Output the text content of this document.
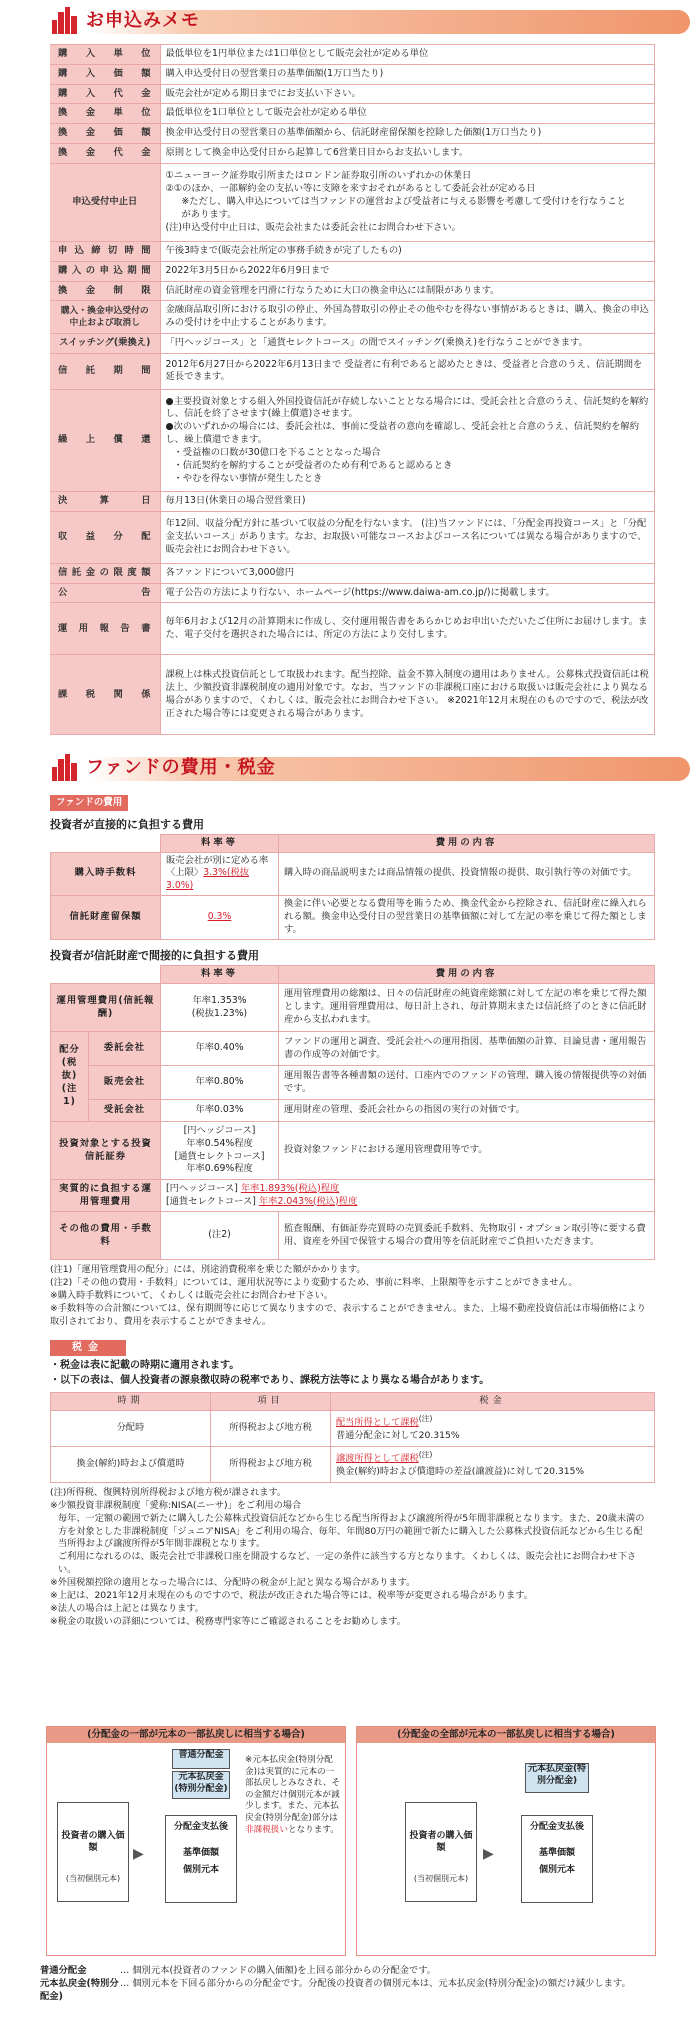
お申込みメモ
購入単位	最低単位を1円単位または1口単位として販売会社が定める単位
購入価額	購入申込受付日の翌営業日の基準価額(1万口当たり)
購入代金	販売会社が定める期日までにお支払い下さい。
換金単位	最低単位を1口単位として販売会社が定める単位
換金価額	換金申込受付日の翌営業日の基準価額から、信託財産留保額を控除した価額(1万口当たり)
換金代金	原則として換金申込受付日から起算して6営業日目からお支払いします。
申込受付中止日	①ニューヨーク証券取引所またはロンドン証券取引所のいずれかの休業日
②①のほか、一部解約金の支払い等に支障を来すおそれがあるとして委託会社が定める日
※ただし、購入申込については当ファンドの運営および受益者に与える影響を考慮して受付けを行なうことがあります。
(注)申込受付中止日は、販売会社または委託会社にお問合わせ下さい。

申込締切時間	午後3時まで(販売会社所定の事務手続きが完了したもの)
購入の申込期間	2022年3月5日から2022年6月9日まで
換金制限	信託財産の資金管理を円滑に行なうために大口の換金申込には制限があります。
購入・換金申込受付の中止および取消し	金融商品取引所における取引の停止、外国為替取引の停止その他やむを得ない事情があるときは、購入、換金の申込みの受付けを中止することがあります。
スイッチング(乗換え)	「円ヘッジコース」と「通貨セレクトコース」の間でスイッチング(乗換え)を行なうことができます。
信託期間	2012年6月27日から2022年6月13日まで 受益者に有利であると認めたときは、受益者と合意のうえ、信託期間を延長できます。
繰上償還	●主要投資対象とする組入外国投資信託が存続しないこととなる場合には、受託会社と合意のうえ、信託契約を解約し、信託を終了させます(繰上償還)させます。
●次のいずれかの場合には、委託会社は、事前に受益者の意向を確認し、受託会社と合意のうえ、信託契約を解約し、繰上償還できます。
・受益権の口数が30億口を下ることとなった場合
・信託契約を解約することが受益者のため有利であると認めるとき
・やむを得ない事情が発生したとき

決算日	毎月13日(休業日の場合翌営業日)
収益分配	年12回、収益分配方針に基づいて収益の分配を行ないます。 (注)当ファンドには、「分配金再投資コース」と「分配金支払いコース」があります。なお、お取扱い可能なコースおよびコース名については異なる場合がありますので、販売会社にお問合わせ下さい。
信託金の限度額	各ファンドについて3,000億円
公告	電子公告の方法により行ない、ホームページ(https://www.daiwa-am.co.jp/)に掲載します。
運用報告書	毎年6月および12月の計算期末に作成し、交付運用報告書をあらかじめお申出いただいたご住所にお届けします。また、電子交付を選択された場合には、所定の方法により交付します。
課税関係	課税上は株式投資信託として取扱われます。配当控除、益金不算入制度の適用はありません。公募株式投資信託は税法上、少額投資非課税制度の適用対象です。なお、当ファンドの非課税口座における取扱いは販売会社により異なる場合がありますので、くわしくは、販売会社にお問合わせ下さい。 ※2021年12月末現在のものですので、税法が改正された場合等には変更される場合があります。
ファンドの費用・税金
ファンドの費用
投資者が直接的に負担する費用
	料率等	費用の内容
購入時手数料	販売会社が別に定める率
〈上限〉3.3%(税抜3.0%)	購入時の商品説明または商品情報の提供、投資情報の提供、取引執行等の対価です。
信託財産留保額	0.3%	換金に伴い必要となる費用等を賄うため、換金代金から控除され、信託財産に繰入れられる額。換金申込受付日の翌営業日の基準価額に対して左記の率を乗じて得た額とします。
投資者が信託財産で間接的に負担する費用
		料率等	費用の内容
運用管理費用(信託報酬)		年率1.353%
(税抜1.23%)	運用管理費用の総額は、日々の信託財産の純資産総額に対して左記の率を乗じて得た額とします。運用管理費用は、毎日計上され、毎計算期末または信託終了のときに信託財産から支払われます。
配分(税抜)(注1)	委託会社	年率0.40%	ファンドの運用と調査、受託会社への運用指図、基準価額の計算、目論見書・運用報告書の作成等の対価です。
	販売会社	年率0.80%	運用報告書等各種書類の送付、口座内でのファンドの管理、購入後の情報提供等の対価です。
	受託会社	年率0.03%	運用財産の管理、委託会社からの指図の実行の対価です。
投資対象とする投資信託証券		[円ヘッジコース]
年率0.54%程度
[通貨セレクトコース]
年率0.69%程度	投資対象ファンドにおける運用管理費用等です。
実質的に負担する運用管理費用		[円ヘッジコース] 年率1.893%(税込)程度
[通貨セレクトコース] 年率2.043%(税込)程度	

その他の費用・手数料		(注2)	監査報酬、有価証券売買時の売買委託手数料、先物取引・オプション取引等に要する費用、資産を外国で保管する場合の費用等を信託財産でご負担いただきます。
(注1)「運用管理費用の配分」には、別途消費税率を乗じた額がかかります。
(注2)「その他の費用・手数料」については、運用状況等により変動するため、事前に料率、上限額等を示すことができません。
※購入時手数料について、くわしくは販売会社にお問合わせ下さい。
※手数料等の合計額については、保有期間等に応じて異なりますので、表示することができません。また、上場不動産投資信託は市場価格により取引されており、費用を表示することができません。
税金
・税金は表に記載の時期に適用されます。
・以下の表は、個人投資者の源泉徴収時の税率であり、課税方法等により異なる場合があります。
時期	項目	税金
分配時	所得税および地方税	配当所得として課税$^{(注)}$
普通分配金に対して20.315%

換金(解約)時および償還時	所得税および地方税	譲渡所得として課税$^{(注)}$
換金(解約)時および償還時の差益(譲渡益)に対して20.315%
(注)所得税、復興特別所得税および地方税が課されます。
※少額投資非課税制度「愛称:NISA(ニーサ)」をご利用の場合
毎年、一定額の範囲で新たに購入した公募株式投資信託などから生じる配当所得および譲渡所得が5年間非課税となります。また、20歳未満の方を対象とした非課税制度「ジュニアNISA」をご利用の場合、毎年、年間80万円の範囲で新たに購入した公募株式投資信託などから生じる配当所得および譲渡所得が5年間非課税となります。
ご利用になれるのは、販売会社で非課税口座を開設するなど、一定の条件に該当する方となります。くわしくは、販売会社にお問合わせ下さい。
※外国税額控除の適用となった場合には、分配時の税金が上記と異なる場合があります。
※上記は、2021年12月末現在のものですので、税法が改正された場合等には、税率等が変更される場合があります。
※法人の場合は上記とは異なります。
※税金の取扱いの詳細については、税務専門家等にご確認されることをお勧めします。
(分配金の一部が元本の一部払戻しに相当する場合)
投資者の購入価額
(当初個別元本)
▶
普通分配金
元本払戻金(特別分配金)
分配金支払後
基準価額
個別元本
※元本払戻金(特別分配金)は実質的に元本の一部払戻しとみなされ、その金額だけ個別元本が減少します。また、元本払戻金(特別分配金)部分は非課税扱いとなります。
(分配金の全部が元本の一部払戻しに相当する場合)
投資者の購入価額
(当初個別元本)
▶
元本払戻金(特別分配金)
分配金支払後
基準価額
個別元本
普通分配金	… 個別元本(投資者のファンドの購入価額)を上回る部分からの分配金です。
元本払戻金(特別分配金)
… 個別元本を下回る部分からの分配金です。分配後の投資者の個別元本は、元本払戻金(特別分配金)の額だけ減少します。
